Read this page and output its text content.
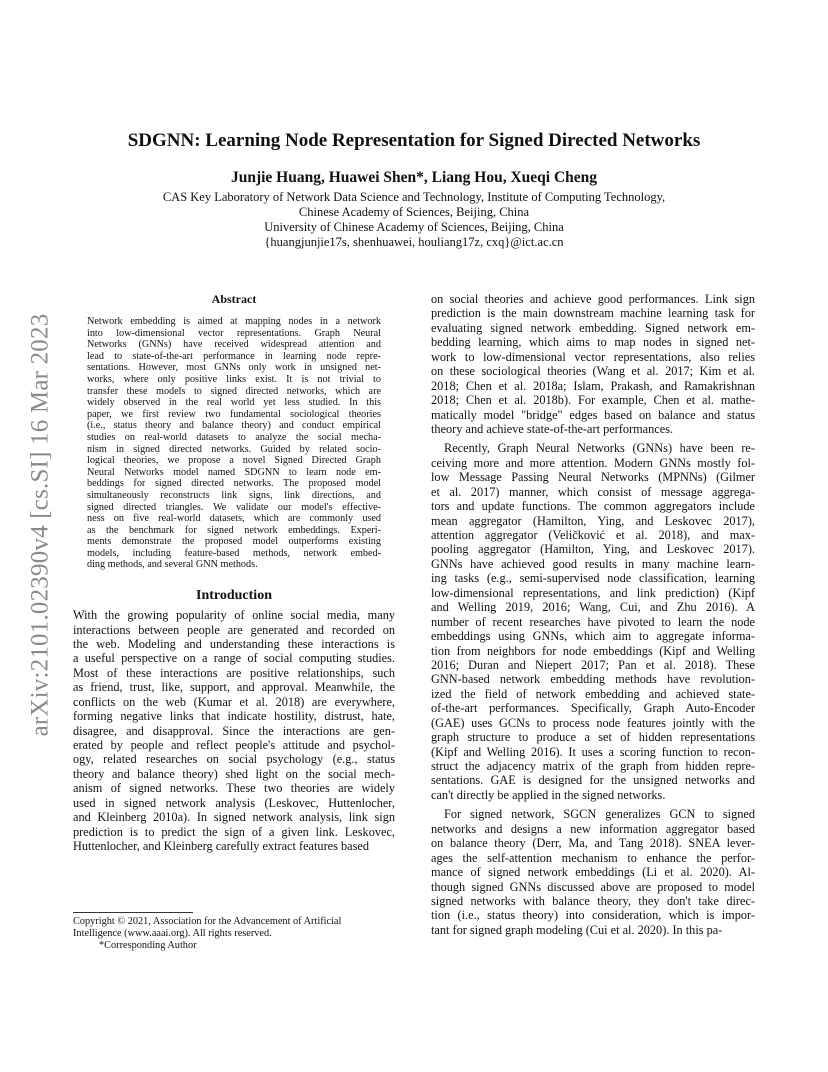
arXiv:2101.02390v4 [cs.SI] 16 Mar 2023
SDGNN: Learning Node Representation for Signed Directed Networks
Junjie Huang, Huawei Shen*, Liang Hou, Xueqi Cheng
CAS Key Laboratory of Network Data Science and Technology, Institute of Computing Technology,
Chinese Academy of Sciences, Beijing, China
University of Chinese Academy of Sciences, Beijing, China
{huangjunjie17s, shenhuawei, houliang17z, cxq}@ict.ac.cn
Abstract
Network embedding is aimed at mapping nodes in a network
into low-dimensional vector representations. Graph Neural
Networks (GNNs) have received widespread attention and
lead to state-of-the-art performance in learning node repre-
sentations. However, most GNNs only work in unsigned net-
works, where only positive links exist. It is not trivial to
transfer these models to signed directed networks, which are
widely observed in the real world yet less studied. In this
paper, we first review two fundamental sociological theories
(i.e., status theory and balance theory) and conduct empirical
studies on real-world datasets to analyze the social mecha-
nism in signed directed networks. Guided by related socio-
logical theories, we propose a novel Signed Directed Graph
Neural Networks model named SDGNN to learn node em-
beddings for signed directed networks. The proposed model
simultaneously reconstructs link signs, link directions, and
signed directed triangles. We validate our model's effective-
ness on five real-world datasets, which are commonly used
as the benchmark for signed network embeddings. Experi-
ments demonstrate the proposed model outperforms existing
models, including feature-based methods, network embed-
ding methods, and several GNN methods.
Introduction
With the growing popularity of online social media, many
interactions between people are generated and recorded on
the web. Modeling and understanding these interactions is
a useful perspective on a range of social computing studies.
Most of these interactions are positive relationships, such
as friend, trust, like, support, and approval. Meanwhile, the
conflicts on the web (Kumar et al. 2018) are everywhere,
forming negative links that indicate hostility, distrust, hate,
disagree, and disapproval. Since the interactions are gen-
erated by people and reflect people's attitude and psychol-
ogy, related researches on social psychology (e.g., status
theory and balance theory) shed light on the social mech-
anism of signed networks. These two theories are widely
used in signed network analysis (Leskovec, Huttenlocher,
and Kleinberg 2010a). In signed network analysis, link sign
prediction is to predict the sign of a given link. Leskovec,
Huttenlocher, and Kleinberg carefully extract features based
on social theories and achieve good performances. Link sign
prediction is the main downstream machine learning task for
evaluating signed network embedding. Signed network em-
bedding learning, which aims to map nodes in signed net-
work to low-dimensional vector representations, also relies
on these sociological theories (Wang et al. 2017; Kim et al.
2018; Chen et al. 2018a; Islam, Prakash, and Ramakrishnan
2018; Chen et al. 2018b). For example, Chen et al. mathe-
matically model "bridge" edges based on balance and status
theory and achieve state-of-the-art performances.
Recently, Graph Neural Networks (GNNs) have been re-
ceiving more and more attention. Modern GNNs mostly fol-
low Message Passing Neural Networks (MPNNs) (Gilmer
et al. 2017) manner, which consist of message aggrega-
tors and update functions. The common aggregators include
mean aggregator (Hamilton, Ying, and Leskovec 2017),
attention aggregator (Veličković et al. 2018), and max-
pooling aggregator (Hamilton, Ying, and Leskovec 2017).
GNNs have achieved good results in many machine learn-
ing tasks (e.g., semi-supervised node classification, learning
low-dimensional representations, and link prediction) (Kipf
and Welling 2019, 2016; Wang, Cui, and Zhu 2016). A
number of recent researches have pivoted to learn the node
embeddings using GNNs, which aim to aggregate informa-
tion from neighbors for node embeddings (Kipf and Welling
2016; Duran and Niepert 2017; Pan et al. 2018). These
GNN-based network embedding methods have revolution-
ized the field of network embedding and achieved state-
of-the-art performances. Specifically, Graph Auto-Encoder
(GAE) uses GCNs to process node features jointly with the
graph structure to produce a set of hidden representations
(Kipf and Welling 2016). It uses a scoring function to recon-
struct the adjacency matrix of the graph from hidden repre-
sentations. GAE is designed for the unsigned networks and
can't directly be applied in the signed networks.
For signed network, SGCN generalizes GCN to signed
networks and designs a new information aggregator based
on balance theory (Derr, Ma, and Tang 2018). SNEA lever-
ages the self-attention mechanism to enhance the perfor-
mance of signed network embeddings (Li et al. 2020). Al-
though signed GNNs discussed above are proposed to model
signed networks with balance theory, they don't take direc-
tion (i.e., status theory) into consideration, which is impor-
tant for signed graph modeling (Cui et al. 2020). In this pa-
Copyright © 2021, Association for the Advancement of Artificial
Intelligence (www.aaai.org). All rights reserved.
*Corresponding Author
